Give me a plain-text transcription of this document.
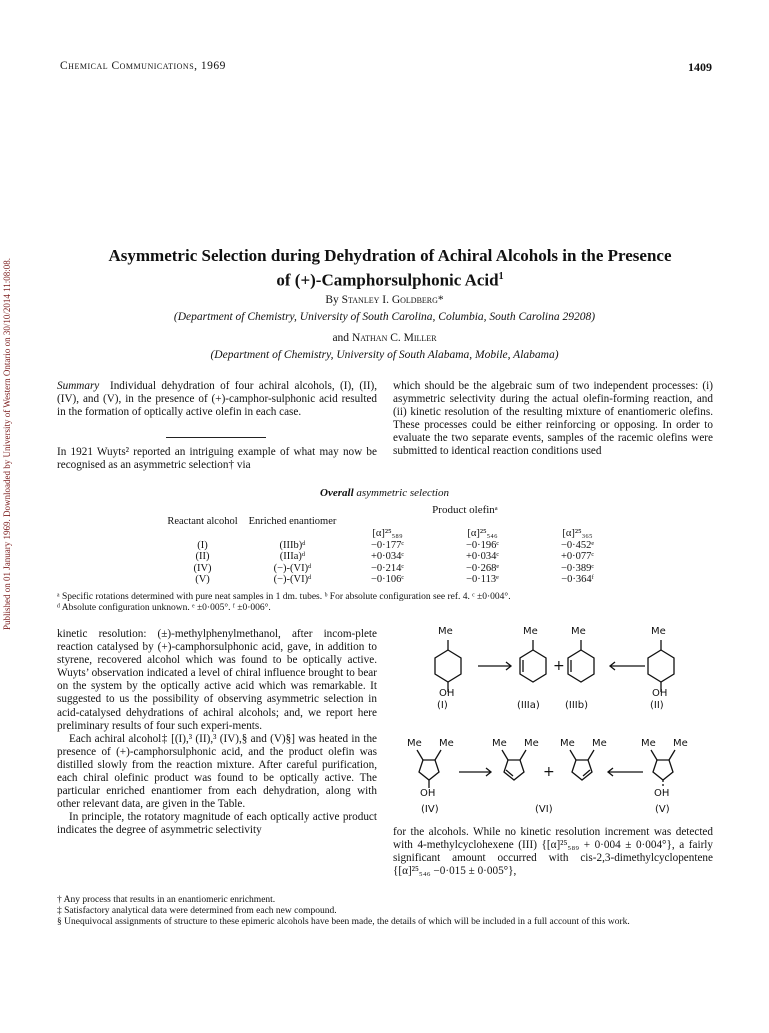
Published on 01 January 1969. Downloaded by University of Western Ontario on 30/10/2014 11:08:08.
Chemical Communications, 1969	1409
Asymmetric Selection during Dehydration of Achiral Alcohols in the Presence
of (+)-Camphorsulphonic Acid$^1$
By Stanley I. Goldberg*
(Department of Chemistry, University of South Carolina, Columbia, South Carolina 29208)
and Nathan C. Miller
(Department of Chemistry, University of South Alabama, Mobile, Alabama)

Summary Individual dehydration of four achiral alcohols, (I), (II), (IV), and (V), in the presence of (+)-camphor-sulphonic acid resulted in the formation of optically active olefin in each case.

In 1921 Wuyts² reported an intriguing example of what may now be recognised as an asymmetric selection† via

which should be the algebraic sum of two independent processes: (i) asymmetric selectivity during the actual olefin-forming reaction, and (ii) kinetic resolution of the resulting mixture of enantiomeric olefins. These processes could be either reinforcing or opposing. In order to evaluate the two separate events, samples of the racemic olefins were submitted to identical reaction conditions used

Overall asymmetric selection
Product olefinᵃ
Reactant alcohol	Enriched enantiomer	[α]²⁵₅₈₉	[α]²⁵₅₄₆	[α]²⁵₃₆₅
(I)	(IIIb)ᵈ	−0·177ᶜ	−0·196ᶜ	−0·452ᵉ
(II)	(IIIa)ᵈ	+0·034ᶜ	+0·034ᶜ	+0·077ᶜ
(IV)	(−)-(VI)ᵈ	−0·214ᶜ	−0·268ᵉ	−0·389ᶜ
(V)	(−)-(VI)ᵈ	−0·106ᶜ	−0·113ᵉ	−0·364ᶠ
ᵃ Specific rotations determined with pure neat samples in 1 dm. tubes. ᵇ For absolute configuration see ref. 4. ᶜ ±0·004°.
ᵈ Absolute configuration unknown. ᵉ ±0·005°. ᶠ ±0·006°.

kinetic resolution: (±)-methylphenylmethanol, after incom-plete reaction catalysed by (+)-camphorsulphonic acid, gave, in addition to styrene, recovered alcohol which was found to be optically active. Wuyts’ observation indicated a level of chiral influence brought to bear on the system by the optically active acid which was remarkable. It suggested to us the possibility of observing asymmetric selection in acid-catalysed dehydrations of achiral alcohols; and, we report here preliminary results of four such experi-ments.

Each achiral alcohol‡ [(I),³ (II),³ (IV),§ and (V)§] was heated in the presence of (+)-camphorsulphonic acid, and the product olefin was distilled slowly from the reaction mixture. After careful purification, each chiral olefinic product was found to be optically active. The particular enriched enantiomer from each dehydration, along with other relevant data, are given in the Table.

In principle, the rotatory magnitude of each optically active product indicates the degree of asymmetric selectivity

Me	Me	Me	Me
OH	OH
+
(I)	(IIIa)	(IIIb)	(II)
Me Me	Me Me Me Me	Me Me
OH	OH
+
(IV)	(VI)	(V)

for the alcohols. While no kinetic resolution increment was detected with 4-methylcyclohexene (III) {[α]²⁵₅₈₉ + 0·004 ± 0·004°}, a fairly significant amount occurred with cis-2,3-dimethylcyclopentene {[α]²⁵₅₄₆ −0·015 ± 0·005°},

† Any process that results in an enantiomeric enrichment.
‡ Satisfactory analytical data were determined from each new compound.
§ Unequivocal assignments of structure to these epimeric alcohols have been made, the details of which will be included in a full account of this work.
